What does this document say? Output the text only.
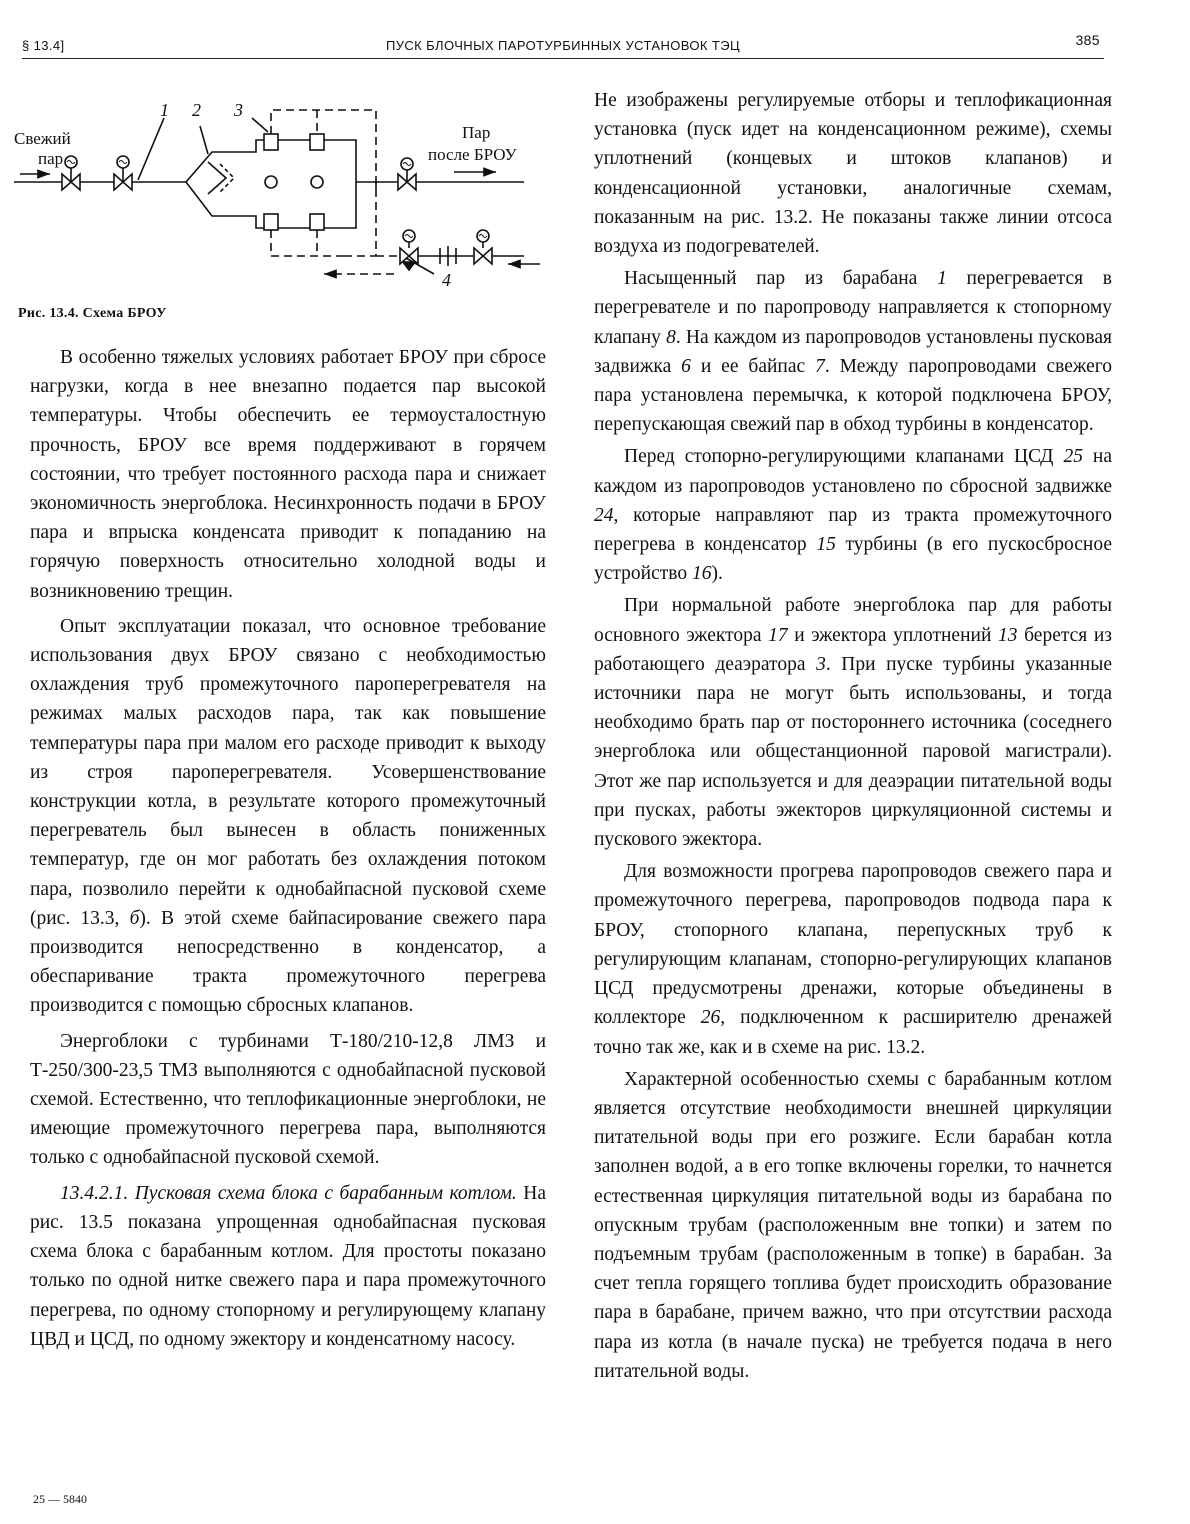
§ 13.4]	ПУСК БЛОЧНЫХ ПАРОТУРБИННЫХ УСТАНОВОК ТЭЦ	385
Свежий
пар
Пар
после БРОУ
1 2 3
4
Рис. 13.4. Схема БРОУ

В особенно тяжелых условиях работает БРОУ при сбросе нагрузки, когда в нее внезапно подается пар высокой температуры. Чтобы обеспечить ее термоусталостную прочность, БРОУ все время поддерживают в горячем состоянии, что требует постоянного расхода пара и снижает экономичность энергоблока. Несинхронность подачи в БРОУ пара и впрыска конденсата приводит к попаданию на горячую поверхность относительно холодной воды и возникновению трещин.

Опыт эксплуатации показал, что основное требование использования двух БРОУ связано с необходимостью охлаждения труб промежуточного пароперегревателя на режимах малых расходов пара, так как повышение температуры пара при малом его расходе приводит к выходу из строя пароперегревателя. Усовершенствование конструкции котла, в результате которого промежуточный перегреватель был вынесен в область пониженных температур, где он мог работать без охлаждения потоком пара, позволило перейти к однобайпасной пусковой схеме (рис. 13.3, б). В этой схеме байпасирование свежего пара производится непосредственно в конденсатор, а обеспаривание тракта промежуточного перегрева производится с помощью сбросных клапанов.

Энергоблоки с турбинами Т-180/210-12,8 ЛМЗ и Т-250/300-23,5 ТМЗ выполняются с однобайпасной пусковой схемой. Естественно, что теплофикационные энергоблоки, не имеющие промежуточного перегрева пара, выполняются только с однобайпасной пусковой схемой.

13.4.2.1. Пусковая схема блока с барабанным котлом. На рис. 13.5 показана упрощенная однобайпасная пусковая схема блока с барабанным котлом. Для простоты показано только по одной нитке свежего пара и пара промежуточного перегрева, по одному стопорному и регулирующему клапану ЦВД и ЦСД, по одному эжектору и конденсатному насосу.

Не изображены регулируемые отборы и теплофикационная установка (пуск идет на конденсационном режиме), схемы уплотнений (концевых и штоков клапанов) и конденсационной установки, аналогичные схемам, показанным на рис. 13.2. Не показаны также линии отсоса воздуха из подогревателей.

Насыщенный пар из барабана 1 перегревается в перегревателе и по паропроводу направляется к стопорному клапану 8. На каждом из паропроводов установлены пусковая задвижка 6 и ее байпас 7. Между паропроводами свежего пара установлена перемычка, к которой подключена БРОУ, перепускающая свежий пар в обход турбины в конденсатор.

Перед стопорно-регулирующими клапанами ЦСД 25 на каждом из паропроводов установлено по сбросной задвижке 24, которые направляют пар из тракта промежуточного перегрева в конденсатор 15 турбины (в его пускосбросное устройство 16).

При нормальной работе энергоблока пар для работы основного эжектора 17 и эжектора уплотнений 13 берется из работающего деаэратора 3. При пуске турбины указанные источники пара не могут быть использованы, и тогда необходимо брать пар от постороннего источника (соседнего энергоблока или общестанционной паровой магистрали). Этот же пар используется и для деаэрации питательной воды при пусках, работы эжекторов циркуляционной системы и пускового эжектора.

Для возможности прогрева паропроводов свежего пара и промежуточного перегрева, паропроводов подвода пара к БРОУ, стопорного клапана, перепускных труб к регулирующим клапанам, стопорно-регулирующих клапанов ЦСД предусмотрены дренажи, которые объединены в коллекторе 26, подключенном к расширителю дренажей точно так же, как и в схеме на рис. 13.2.

Характерной особенностью схемы с барабанным котлом является отсутствие необходимости внешней циркуляции питательной воды при его розжиге. Если барабан котла заполнен водой, а в его топке включены горелки, то начнется естественная циркуляция питательной воды из барабана по опускным трубам (расположенным вне топки) и затем по подъемным трубам (расположенным в топке) в барабан. За счет тепла горящего топлива будет происходить образование пара в барабане, причем важно, что при отсутствии расхода пара из котла (в начале пуска) не требуется подача в него питательной воды.

25 — 5840
